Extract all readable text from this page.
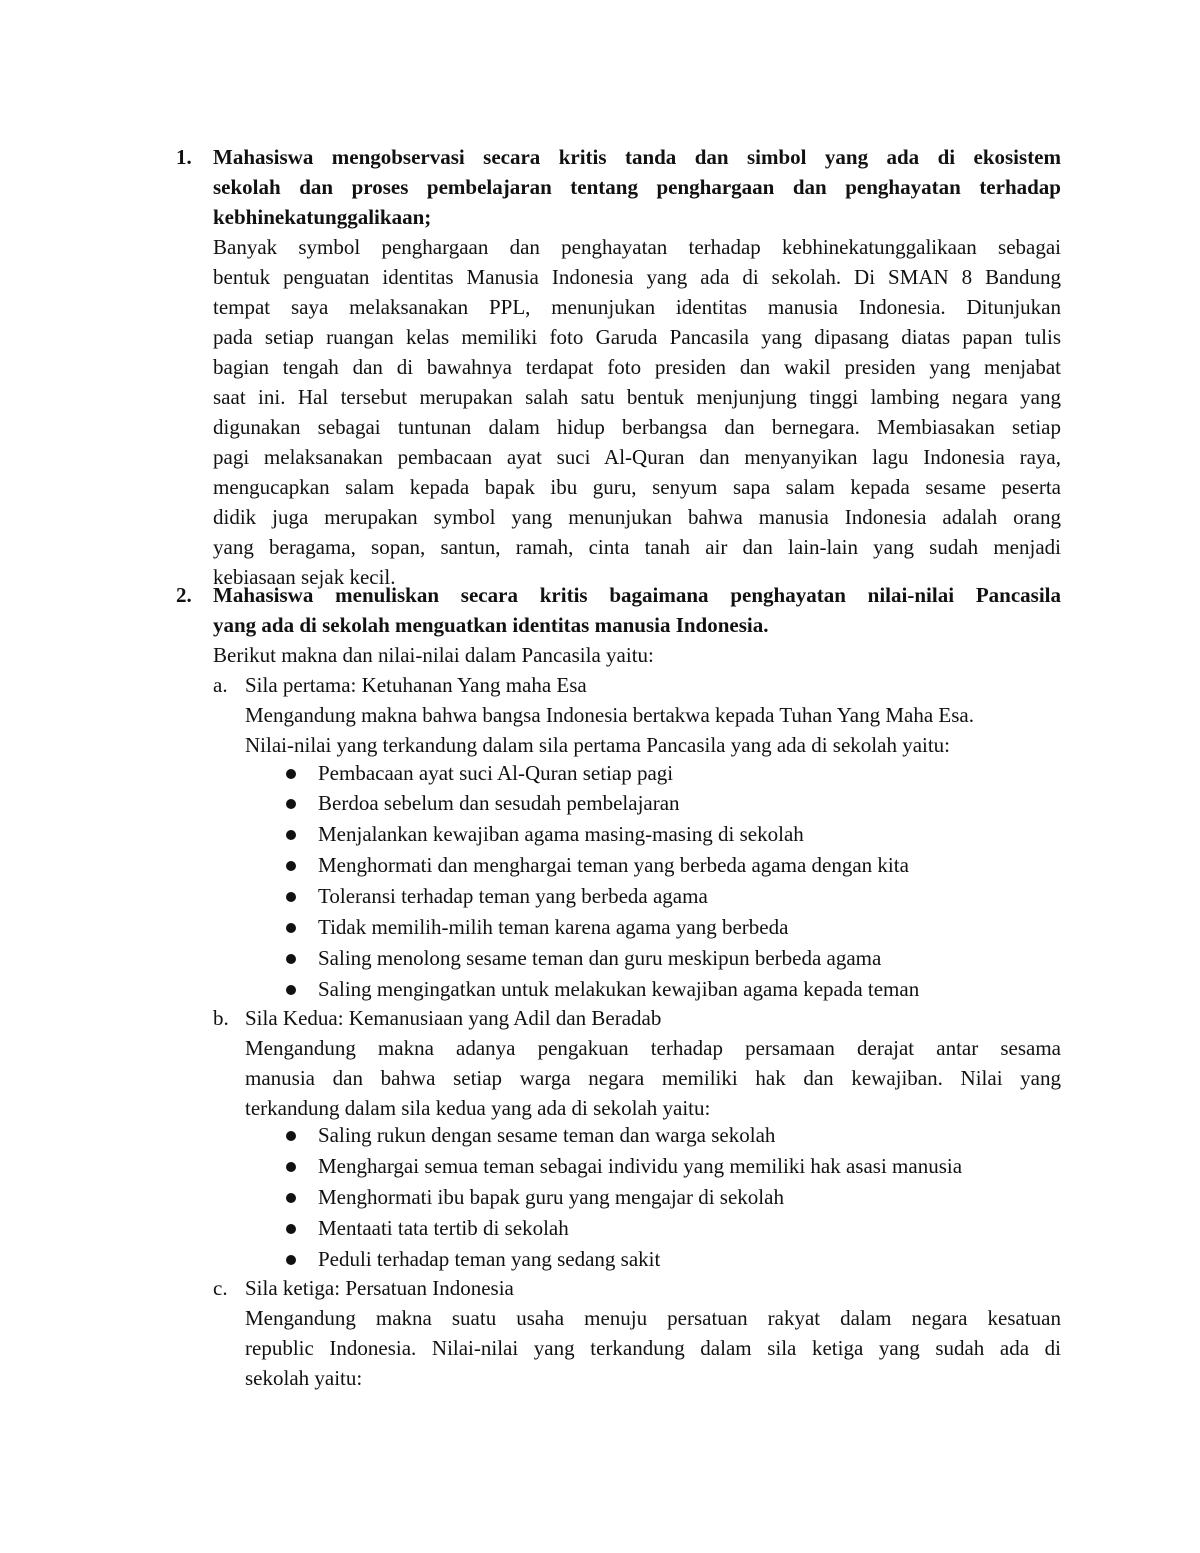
1.	Mahasiswa mengobservasi secara kritis tanda dan simbol yang ada di ekosistem
sekolah dan proses pembelajaran tentang penghargaan dan penghayatan terhadap
kebhinekatunggalikaan;
Banyak symbol penghargaan dan penghayatan terhadap kebhinekatunggalikaan sebagai
bentuk penguatan identitas Manusia Indonesia yang ada di sekolah. Di SMAN 8 Bandung
tempat saya melaksanakan PPL, menunjukan identitas manusia Indonesia. Ditunjukan
pada setiap ruangan kelas memiliki foto Garuda Pancasila yang dipasang diatas papan tulis
bagian tengah dan di bawahnya terdapat foto presiden dan wakil presiden yang menjabat
saat ini. Hal tersebut merupakan salah satu bentuk menjunjung tinggi lambing negara yang
digunakan sebagai tuntunan dalam hidup berbangsa dan bernegara. Membiasakan setiap
pagi melaksanakan pembacaan ayat suci Al-Quran dan menyanyikan lagu Indonesia raya,
mengucapkan salam kepada bapak ibu guru, senyum sapa salam kepada sesame peserta
didik juga merupakan symbol yang menunjukan bahwa manusia Indonesia adalah orang
yang beragama, sopan, santun, ramah, cinta tanah air dan lain-lain yang sudah menjadi
kebiasaan sejak kecil.
2.	Mahasiswa menuliskan secara kritis bagaimana penghayatan nilai-nilai Pancasila
yang ada di sekolah menguatkan identitas manusia Indonesia.
Berikut makna dan nilai-nilai dalam Pancasila yaitu:
a. Sila pertama: Ketuhanan Yang maha Esa
Mengandung makna bahwa bangsa Indonesia bertakwa kepada Tuhan Yang Maha Esa.
Nilai-nilai yang terkandung dalam sila pertama Pancasila yang ada di sekolah yaitu:
Pembacaan ayat suci Al-Quran setiap pagi
Berdoa sebelum dan sesudah pembelajaran
Menjalankan kewajiban agama masing-masing di sekolah
Menghormati dan menghargai teman yang berbeda agama dengan kita
Toleransi terhadap teman yang berbeda agama
Tidak memilih-milih teman karena agama yang berbeda
Saling menolong sesame teman dan guru meskipun berbeda agama
Saling mengingatkan untuk melakukan kewajiban agama kepada teman
b. Sila Kedua: Kemanusiaan yang Adil dan Beradab
Mengandung makna adanya pengakuan terhadap persamaan derajat antar sesama
manusia dan bahwa setiap warga negara memiliki hak dan kewajiban. Nilai yang
terkandung dalam sila kedua yang ada di sekolah yaitu:
Saling rukun dengan sesame teman dan warga sekolah
Menghargai semua teman sebagai individu yang memiliki hak asasi manusia
Menghormati ibu bapak guru yang mengajar di sekolah
Mentaati tata tertib di sekolah
Peduli terhadap teman yang sedang sakit
c. Sila ketiga: Persatuan Indonesia
Mengandung makna suatu usaha menuju persatuan rakyat dalam negara kesatuan
republic Indonesia. Nilai-nilai yang terkandung dalam sila ketiga yang sudah ada di
sekolah yaitu:
